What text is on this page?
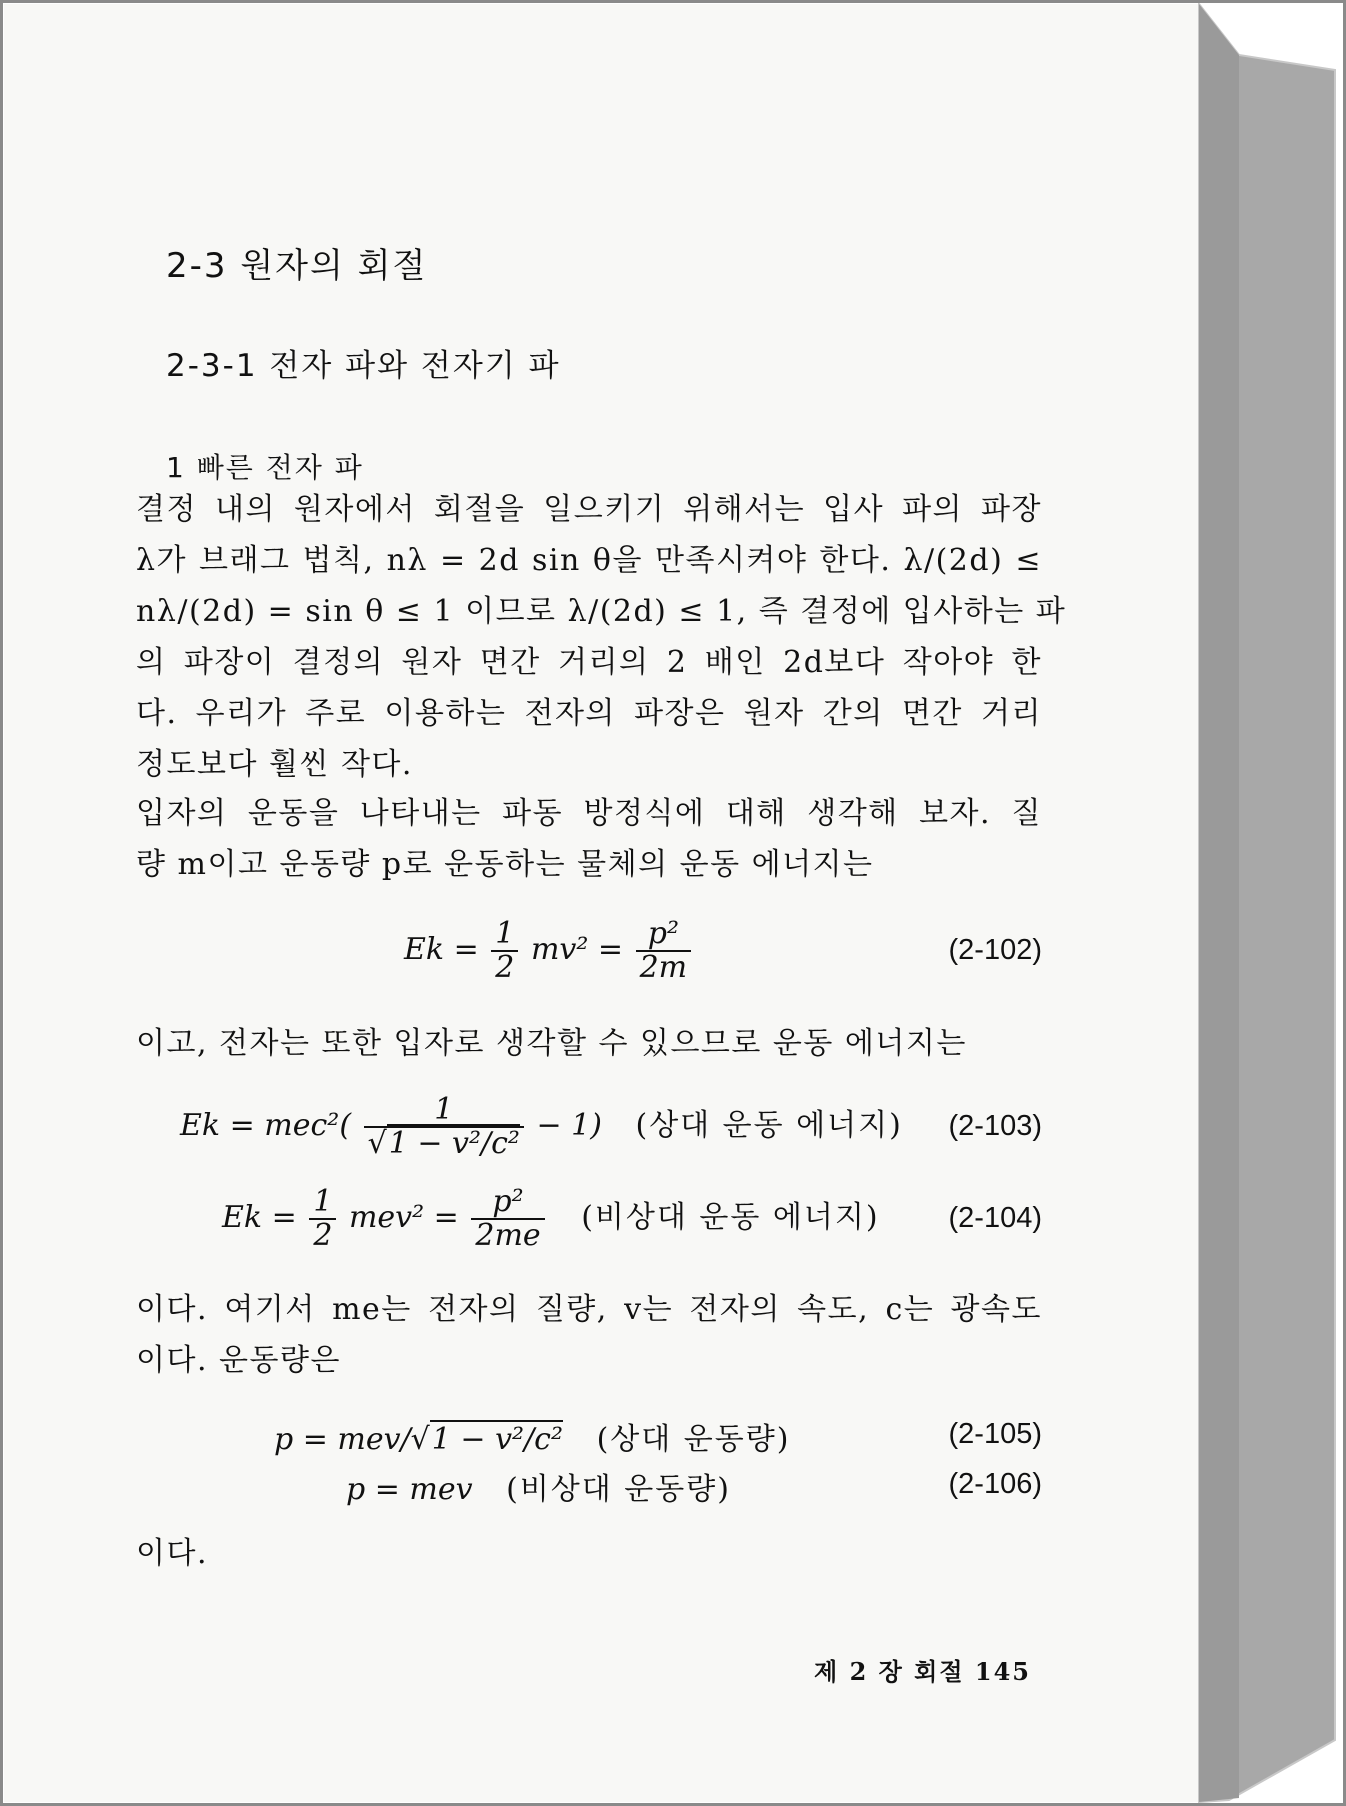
2-3 원자의 회절
2-3-1 전자 파와 전자기 파
1 빠른 전자 파
결정 내의 원자에서 회절을 일으키기 위해서는 입사 파의 파장
λ가 브래그 법칙, nλ = 2d sin θ을 만족시켜야 한다. λ/(2d) ≤
nλ/(2d) = sin θ ≤ 1 이므로 λ/(2d) ≤ 1, 즉 결정에 입사하는 파
의 파장이 결정의 원자 면간 거리의 2 배인 2d보다 작아야 한
다. 우리가 주로 이용하는 전자의 파장은 원자 간의 면간 거리
정도보다 훨씬 작다.
입자의 운동을 나타내는 파동 방정식에 대해 생각해 보자. 질
량 m이고 운동량 p로 운동하는 물체의 운동 에너지는
$Ek = \frac{1}{2} mv^2 = \frac{\text{p²}}{2m}$	(2-102)
이고, 전자는 또한 입자로 생각할 수 있으므로 운동 에너지는
$Ek = mec^2( \frac{1}{\text{√1 − v²/c²}} - 1)$ (상대 운동 에너지) (2-103)
$Ek = \frac{1}{2} mev^2 = \frac{\text{p²}}{2me}$ (비상대 운동 에너지) (2-104)
이다. 여기서 me는 전자의 질량, v는 전자의 속도, c는 광속도
이다. 운동량은
p = mev/√1 − v²/c² (상대 운동량)	(2-105)
p = mev (비상대 운동량)	(2-106)
이다.
제 2 장 회절 145
